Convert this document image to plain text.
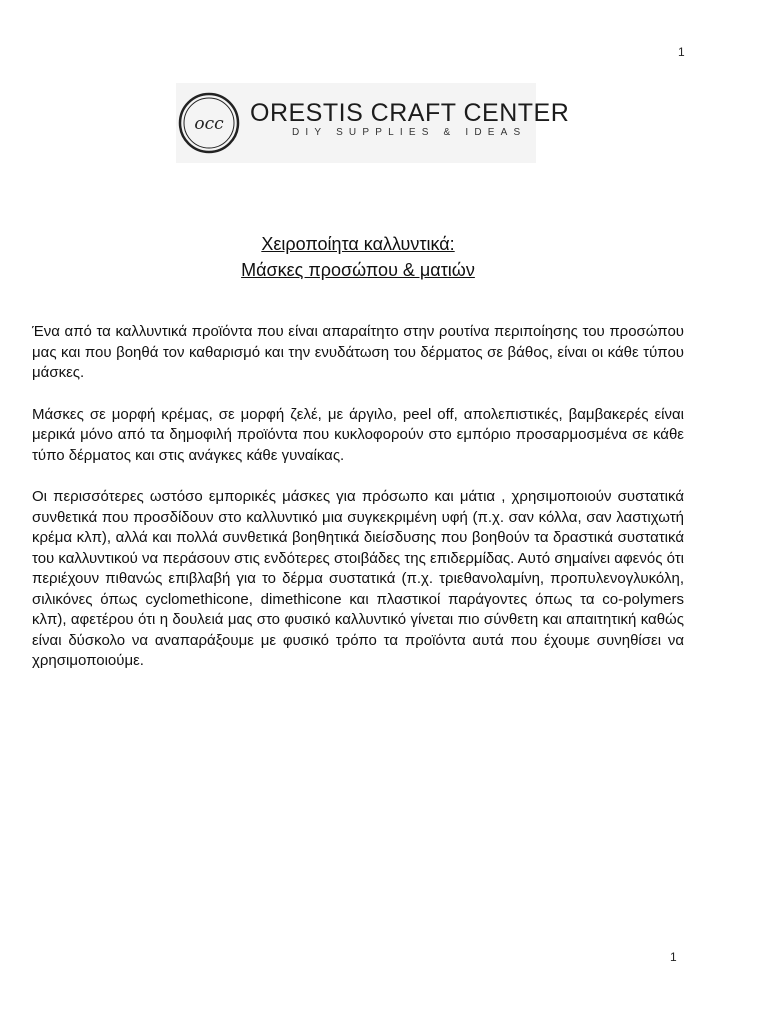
1
occ ORESTIS CRAFT CENTER
DIY SUPPLIES & IDEAS
Χειροποίητα καλλυντικά:
Μάσκες προσώπου & ματιών

Ένα από τα καλλυντικά προϊόντα που είναι απαραίτητο στην ρουτίνα περιποίησης του προσώπου μας και που βοηθά τον καθαρισμό και την ενυδάτωση του δέρματος σε βάθος, είναι οι κάθε τύπου μάσκες.

Μάσκες σε μορφή κρέμας, σε μορφή ζελέ, με άργιλο, peel off, απολεπιστικές, βαμβακερές είναι μερικά μόνο από τα δημοφιλή προϊόντα που κυκλοφορούν στο εμπόριο προσαρμοσμένα σε κάθε τύπο δέρματος και στις ανάγκες κάθε γυναίκας.

Οι περισσότερες ωστόσο εμπορικές μάσκες για πρόσωπο και μάτια , χρησιμοποιούν συστατικά συνθετικά που προσδίδουν στο καλλυντικό μια συγκεκριμένη υφή (π.χ. σαν κόλλα, σαν λαστιχωτή κρέμα κλπ), αλλά και πολλά συνθετικά βοηθητικά διείσδυσης που βοηθούν τα δραστικά συστατικά του καλλυντικού να περάσουν στις ενδότερες στοιβάδες της επιδερμίδας. Αυτό σημαίνει αφενός ότι περιέχουν πιθανώς επιβλαβή για το δέρμα συστατικά (π.χ. τριεθανολαμίνη, προπυλενογλυκόλη, σιλικόνες όπως cyclomethicone, dimethicone και πλαστικοί παράγοντες όπως τα co-polymers κλπ), αφετέρου ότι η δουλειά μας στο φυσικό καλλυντικό γίνεται πιο σύνθετη και απαιτητική καθώς είναι δύσκολο να αναπαράξουμε με φυσικό τρόπο τα προϊόντα αυτά που έχουμε συνηθίσει να χρησιμοποιούμε.

1
